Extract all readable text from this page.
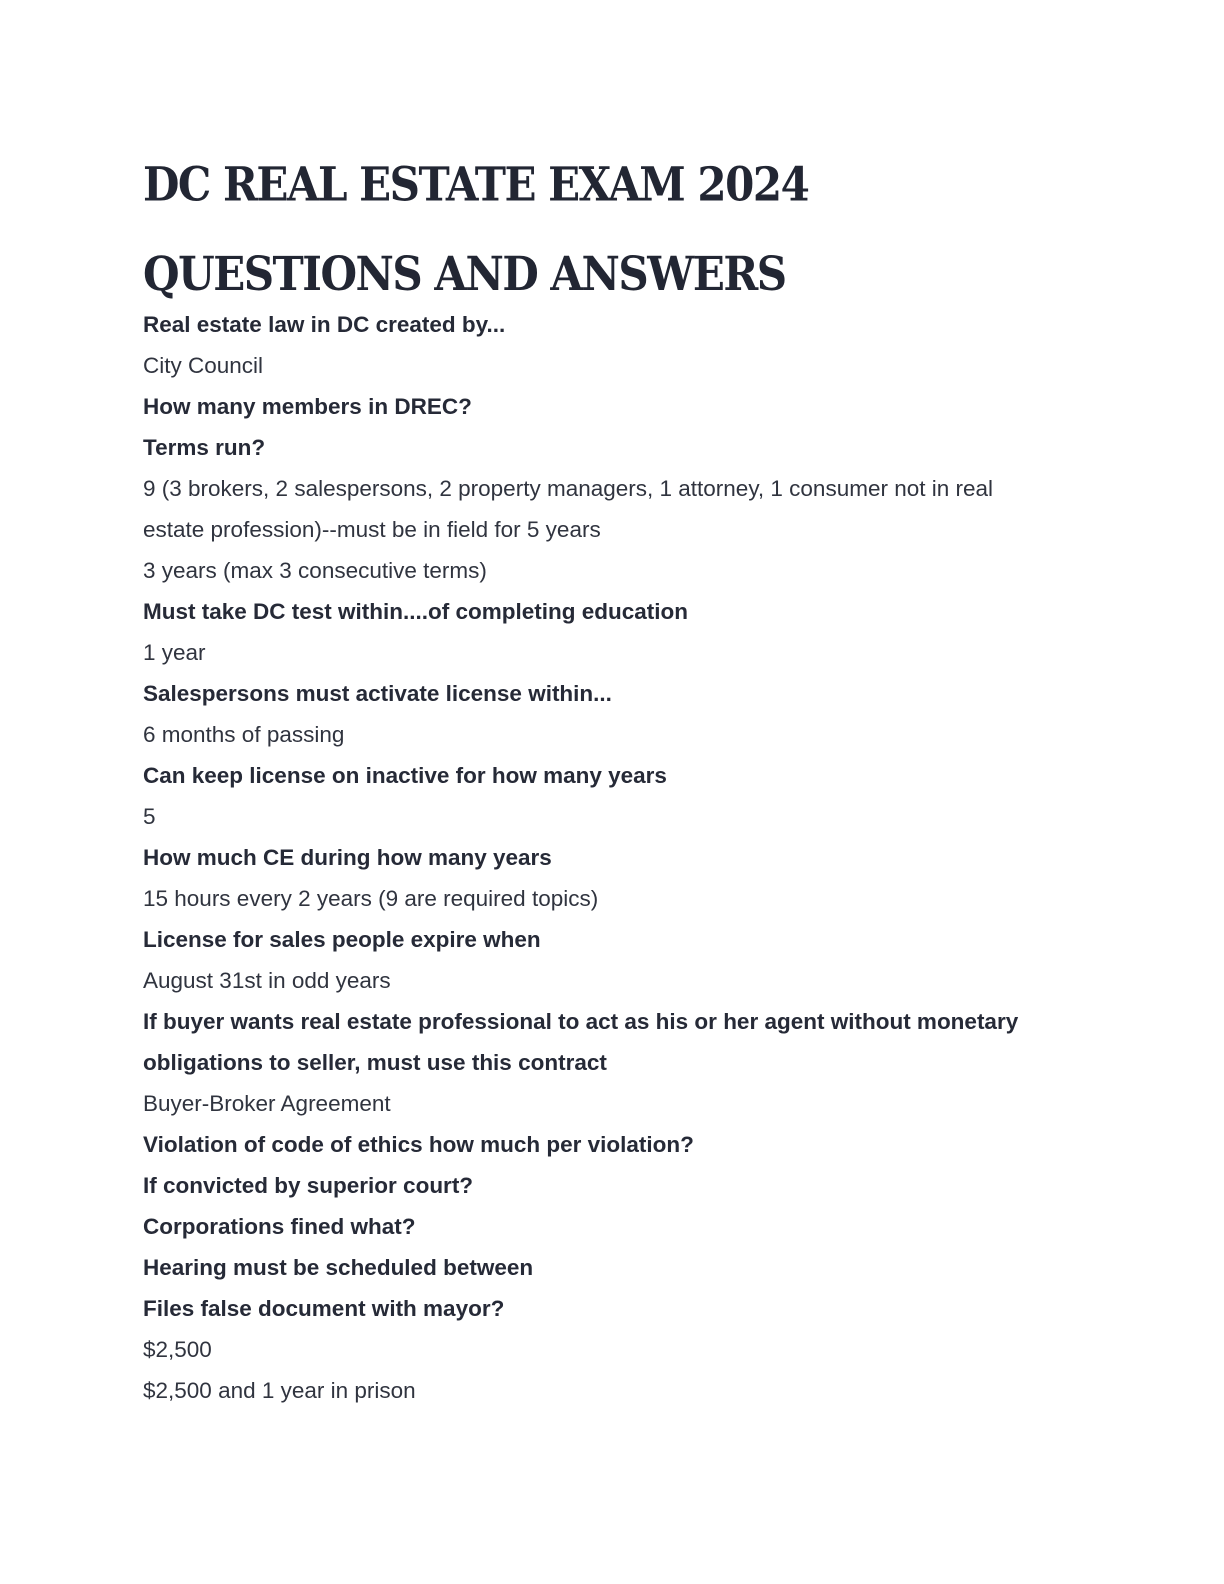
DC REAL ESTATE EXAM 2024
QUESTIONS AND ANSWERS

Real estate law in DC created by...

City Council

How many members in DREC?

Terms run?

9 (3 brokers, 2 salespersons, 2 property managers, 1 attorney, 1 consumer not in real

estate profession)--must be in field for 5 years

3 years (max 3 consecutive terms)

Must take DC test within....of completing education

1 year

Salespersons must activate license within...

6 months of passing

Can keep license on inactive for how many years

5

How much CE during how many years

15 hours every 2 years (9 are required topics)

License for sales people expire when

August 31st in odd years

If buyer wants real estate professional to act as his or her agent without monetary

obligations to seller, must use this contract

Buyer-Broker Agreement

Violation of code of ethics how much per violation?

If convicted by superior court?

Corporations fined what?

Hearing must be scheduled between

Files false document with mayor?

$2,500

$2,500 and 1 year in prison
